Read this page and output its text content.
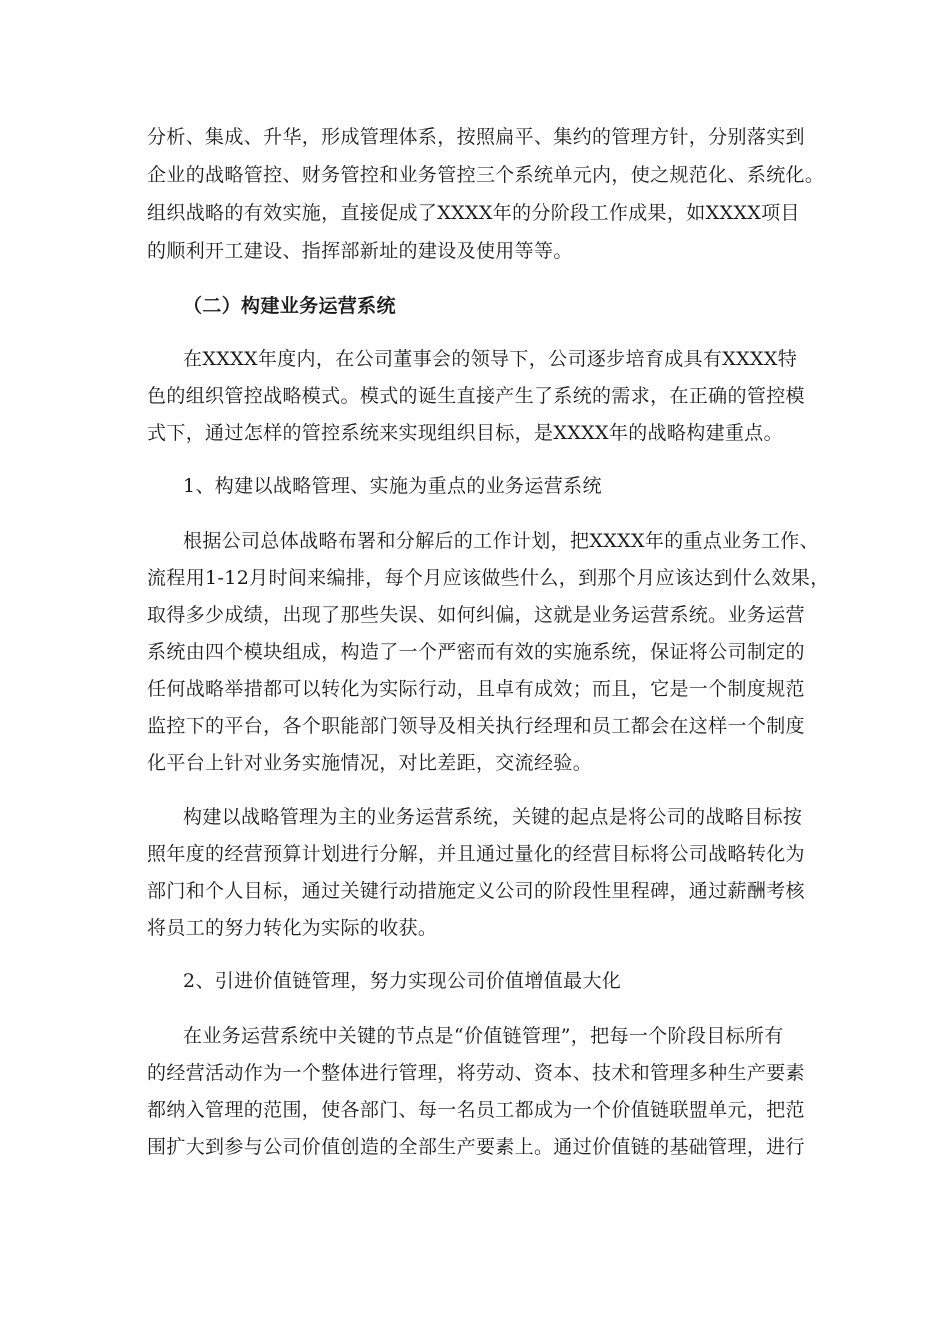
分析、集成、升华，形成管理体系，按照扁平、集约的管理方针，分别落实到
企业的战略管控、财务管控和业务管控三个系统单元内，使之规范化、系统化。
组织战略的有效实施，直接促成了XXXX年的分阶段工作成果，如XXXX项目
的顺利开工建设、指挥部新址的建设及使用等等。
（二）构建业务运营系统
在XXXX年度内，在公司董事会的领导下，公司逐步培育成具有XXXX特
色的组织管控战略模式。模式的诞生直接产生了系统的需求，在正确的管控模
式下，通过怎样的管控系统来实现组织目标，是XXXX年的战略构建重点。
1、构建以战略管理、实施为重点的业务运营系统
根据公司总体战略布署和分解后的工作计划，把XXXX年的重点业务工作、
流程用1-12月时间来编排，每个月应该做些什么，到那个月应该达到什么效果，
取得多少成绩，出现了那些失误、如何纠偏，这就是业务运营系统。业务运营
系统由四个模块组成，构造了一个严密而有效的实施系统，保证将公司制定的
任何战略举措都可以转化为实际行动，且卓有成效；而且，它是一个制度规范
监控下的平台，各个职能部门领导及相关执行经理和员工都会在这样一个制度
化平台上针对业务实施情况，对比差距，交流经验。
构建以战略管理为主的业务运营系统，关键的起点是将公司的战略目标按
照年度的经营预算计划进行分解，并且通过量化的经营目标将公司战略转化为
部门和个人目标，通过关键行动措施定义公司的阶段性里程碑，通过薪酬考核
将员工的努力转化为实际的收获。
2、引进价值链管理，努力实现公司价值增值最大化
在业务运营系统中关键的节点是“价值链管理”，把每一个阶段目标所有
的经营活动作为一个整体进行管理，将劳动、资本、技术和管理多种生产要素
都纳入管理的范围，使各部门、每一名员工都成为一个价值链联盟单元，把范
围扩大到参与公司价值创造的全部生产要素上。通过价值链的基础管理，进行
